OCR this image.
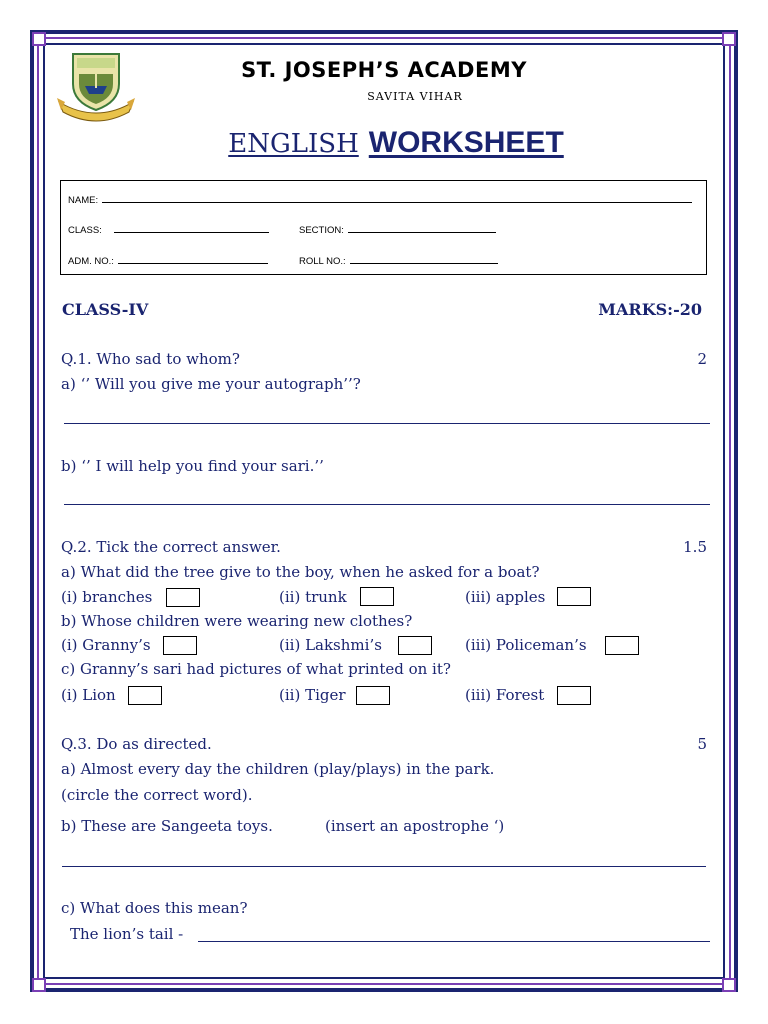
ST. JOSEPH’S ACADEMY
SAVITA VIHAR
ENGLISH WORKSHEET
NAME:
CLASS:	SECTION:
ADM. NO.:	ROLL NO.:
CLASS-IV	MARKS:-20
Q.1. Who sad to whom?	2
a) ‘’ Will you give me your autograph’’?
b) ‘’ I will help you find your sari.’’
Q.2. Tick the correct answer.	1.5
a) What did the tree give to the boy, when he asked for a boat?
(i) branches	(ii) trunk	(iii) apples
b) Whose children were wearing new clothes?
(i) Granny’s	(ii) Lakshmi’s	(iii) Policeman’s
c) Granny’s sari had pictures of what printed on it?
(i) Lion	(ii) Tiger	(iii) Forest
Q.3. Do as directed.	5
a) Almost every day the children (play/plays) in the park.
(circle the correct word).
b) These are Sangeeta toys.	(insert an apostrophe ‘)
c) What does this mean?
The lion’s tail -
